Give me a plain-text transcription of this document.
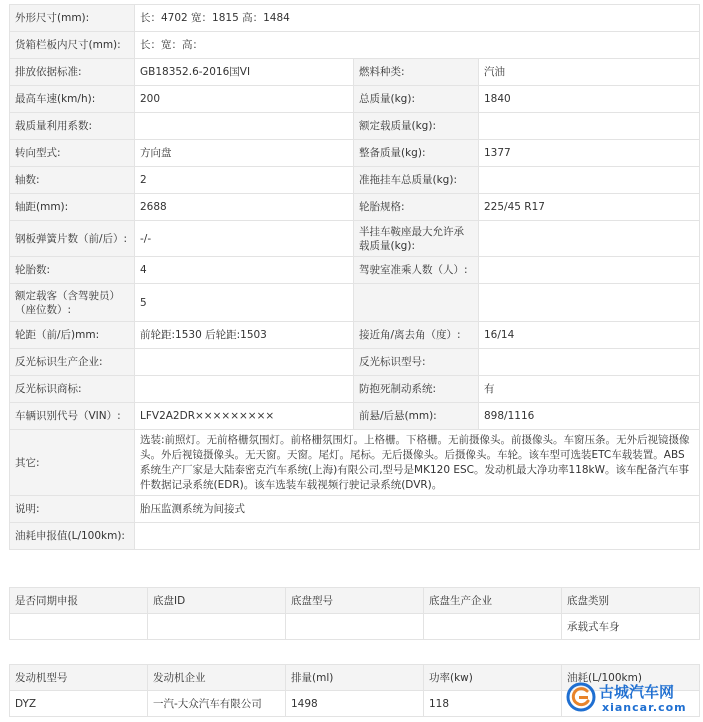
外形尺寸(mm):	长：4702 宽：1815 高：1484		
货箱栏板内尺寸(mm):	长：宽：高：		
排放依据标准:	GB18352.6-2016国VI	燃料种类:	汽油
最高车速(km/h):	200	总质量(kg):	1840
载质量利用系数:		额定载质量(kg):	
转向型式:	方向盘	整备质量(kg):	1377
轴数:	2	准拖挂车总质量(kg):	
轴距(mm):	2688	轮胎规格:	225/45 R17
钢板弹簧片数（前/后）:	-/-	半挂车鞍座最大允许承载质量(kg):	
轮胎数:	4	驾驶室准乘人数（人）:	
额定载客（含驾驶员）（座位数）:	5		
轮距（前/后)mm:	前轮距:1530 后轮距:1503	接近角/离去角（度）:	16/14
反光标识生产企业:		反光标识型号:	
反光标识商标:		防抱死制动系统:	有
车辆识别代号（VIN）:	LFV2A2DR×××××××××	前悬/后悬(mm):	898/1116
其它:	选装:前照灯。无前格栅氛围灯。前格栅氛围灯。上格栅。下格栅。无前摄像头。前摄像头。车窗压条。无外后视镜摄像头。外后视镜摄像头。无天窗。天窗。尾灯。尾标。无后摄像头。后摄像头。车轮。该车型可选装ETC车载装置。ABS系统生产厂家是大陆泰密克汽车系统(上海)有限公司,型号是MK120 ESC。发动机最大净功率118kW。该车配备汽车事件数据记录系统(EDR)。该车选装车载视频行驶记录系统(DVR)。		
说明:	胎压监测系统为间接式		
油耗申报值(L/100km):			
是否同期申报	底盘ID	底盘型号	底盘生产企业	底盘类别
				承载式车身
发动机型号	发动机企业	排量(ml)	功率(kw)	油耗(L/100km)
DYZ	一汽-大众汽车有限公司	1498	118	
古城汽车网
xiancar.com
